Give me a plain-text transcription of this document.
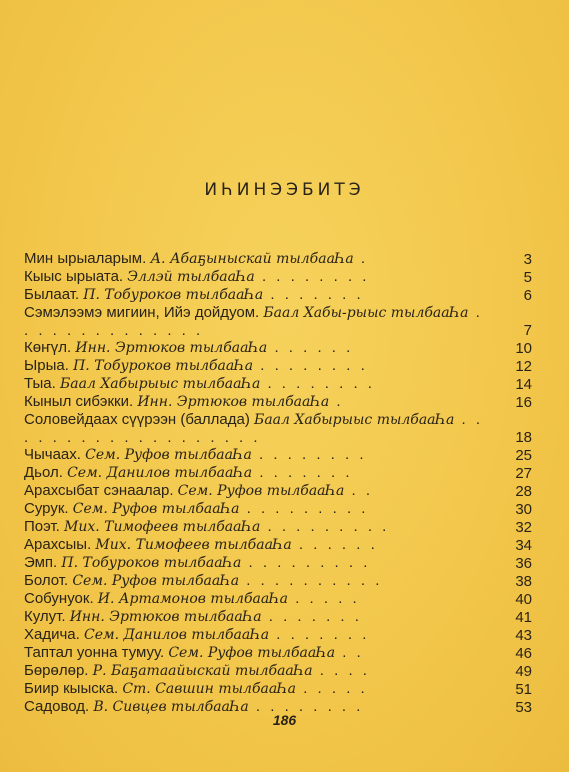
ИҺИНЭЭБИТЭ
Мин ырыаларым. А. Абаҕыныскай тылбааҺа .	3
Кыыс ырыата. Эллэй тылбааҺа . . . . . . . .	5
Былаат. П. Тобуроков тылбааҺа . . . . . . .	6
Сэмэлээмэ мигиин, Ийэ дойдуом. Баал Хабы-рыыс тылбааҺа . . . . . . . . . . . . . .	7
Көҥүл. Инн. Эртюков тылбааҺа . . . . . .	10
Ырыа. П. Тобуроков тылбааҺа . . . . . . . .	12
Тыа. Баал Хабырыыс тылбааҺа . . . . . . . .	14
Кыныл сибэкки. Инн. Эртюков тылбааҺа .	16
Соловейдаах сүүрээн (баллада) Баал Хабырыыс тылбааҺа . . . . . . . . . . . . . . . . . . .	18
Чычаах. Сем. Руфов тылбааҺа . . . . . . . .	25
Дьол. Сем. Данилов тылбааҺа . . . . . . .	27
Арахсыбат сэнаалар. Сем. Руфов тылбааҺа . .	28
Сурук. Сем. Руфов тылбааҺа . . . . . . . . .	30
Поэт. Мих. Тимофеев тылбааҺа . . . . . . . . .	32
Арахсыы. Мих. Тимофеев тылбааҺа . . . . . .	34
Эмп. П. Тобуроков тылбааҺа . . . . . . . . .	36
Болот. Сем. Руфов тылбааҺа . . . . . . . . . .	38
Собунуок. И. Артамонов тылбааҺа . . . . .	40
Кулут. Инн. Эртюков тылбааҺа . . . . . . .	41
Хадича. Сем. Данилов тылбааҺа . . . . . . .	43
Таптал уонна тумуу. Сем. Руфов тылбааҺа . .	46
Бөрөлөр. Р. Баҕатаайыскай тылбааҺа . . . .	49
Биир кыыска. Ст. Савшин тылбааҺа . . . . .	51
Садовод. В. Сивцев тылбааҺа . . . . . . . .	53
186
